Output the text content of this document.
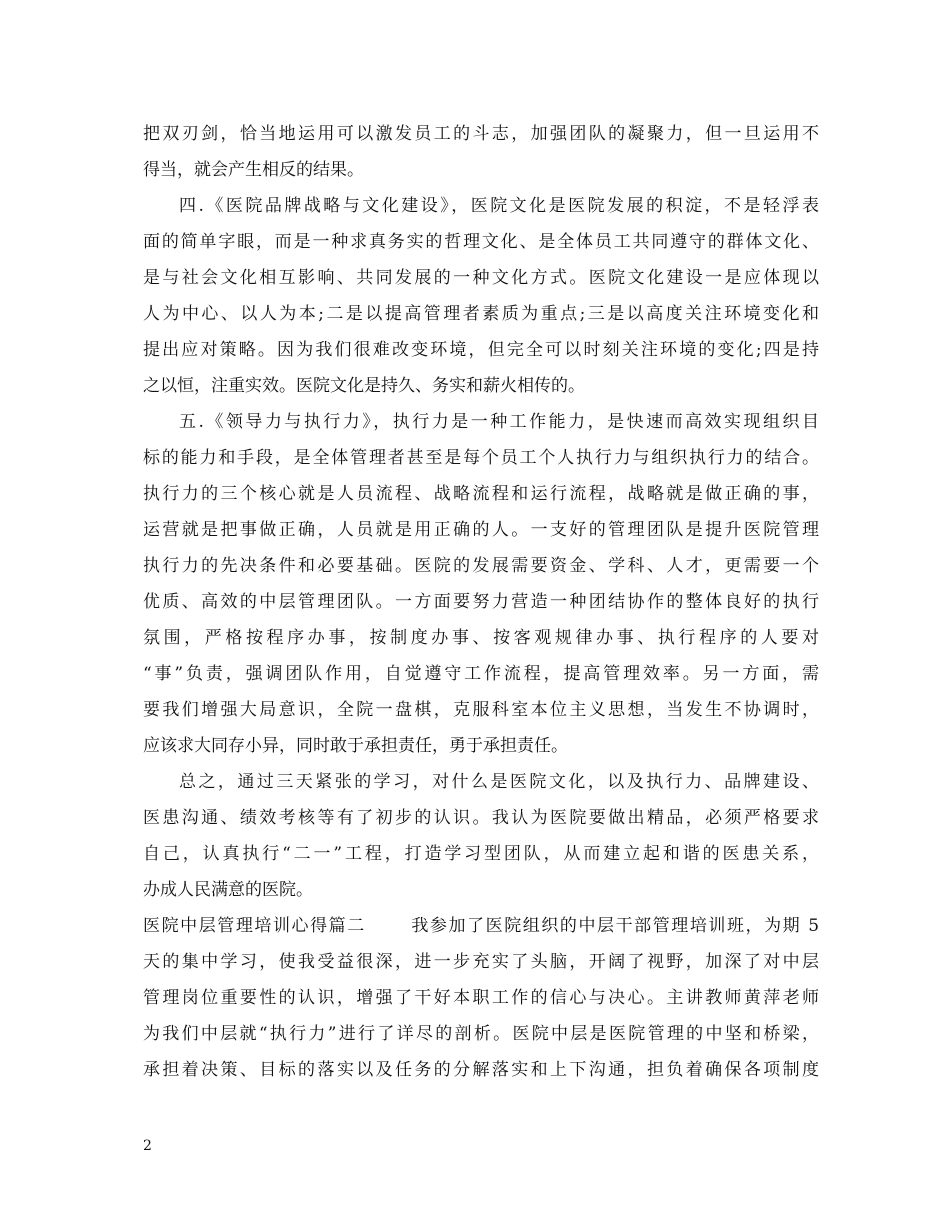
把双刃剑，恰当地运用可以激发员工的斗志，加强团队的凝聚力，但一旦运用不
得当，就会产生相反的结果。
四.《医院品牌战略与文化建设》，医院文化是医院发展的积淀，不是轻浮表
面的简单字眼，而是一种求真务实的哲理文化、是全体员工共同遵守的群体文化、
是与社会文化相互影响、共同发展的一种文化方式。医院文化建设一是应体现以
人为中心、以人为本;二是以提高管理者素质为重点;三是以高度关注环境变化和
提出应对策略。因为我们很难改变环境，但完全可以时刻关注环境的变化;四是持
之以恒，注重实效。医院文化是持久、务实和薪火相传的。
五.《领导力与执行力》，执行力是一种工作能力，是快速而高效实现组织目
标的能力和手段，是全体管理者甚至是每个员工个人执行力与组织执行力的结合。
执行力的三个核心就是人员流程、战略流程和运行流程，战略就是做正确的事，
运营就是把事做正确，人员就是用正确的人。一支好的管理团队是提升医院管理
执行力的先决条件和必要基础。医院的发展需要资金、学科、人才，更需要一个
优质、高效的中层管理团队。一方面要努力营造一种团结协作的整体良好的执行
氛围，严格按程序办事，按制度办事、按客观规律办事、执行程序的人要对
“事”负责，强调团队作用，自觉遵守工作流程，提高管理效率。另一方面，需
要我们增强大局意识，全院一盘棋，克服科室本位主义思想，当发生不协调时，
应该求大同存小异，同时敢于承担责任，勇于承担责任。
总之，通过三天紧张的学习，对什么是医院文化，以及执行力、品牌建设、
医患沟通、绩效考核等有了初步的认识。我认为医院要做出精品，必须严格要求
自己，认真执行“二一”工程，打造学习型团队，从而建立起和谐的医患关系，
办成人民满意的医院。
医院中层管理培训心得篇二	我参加了医院组织的中层干部管理培训班，为期 5
天的集中学习，使我受益很深，进一步充实了头脑，开阔了视野，加深了对中层
管理岗位重要性的认识，增强了干好本职工作的信心与决心。主讲教师黄萍老师
为我们中层就“执行力”进行了详尽的剖析。医院中层是医院管理的中坚和桥梁，
承担着决策、目标的落实以及任务的分解落实和上下沟通，担负着确保各项制度
2
